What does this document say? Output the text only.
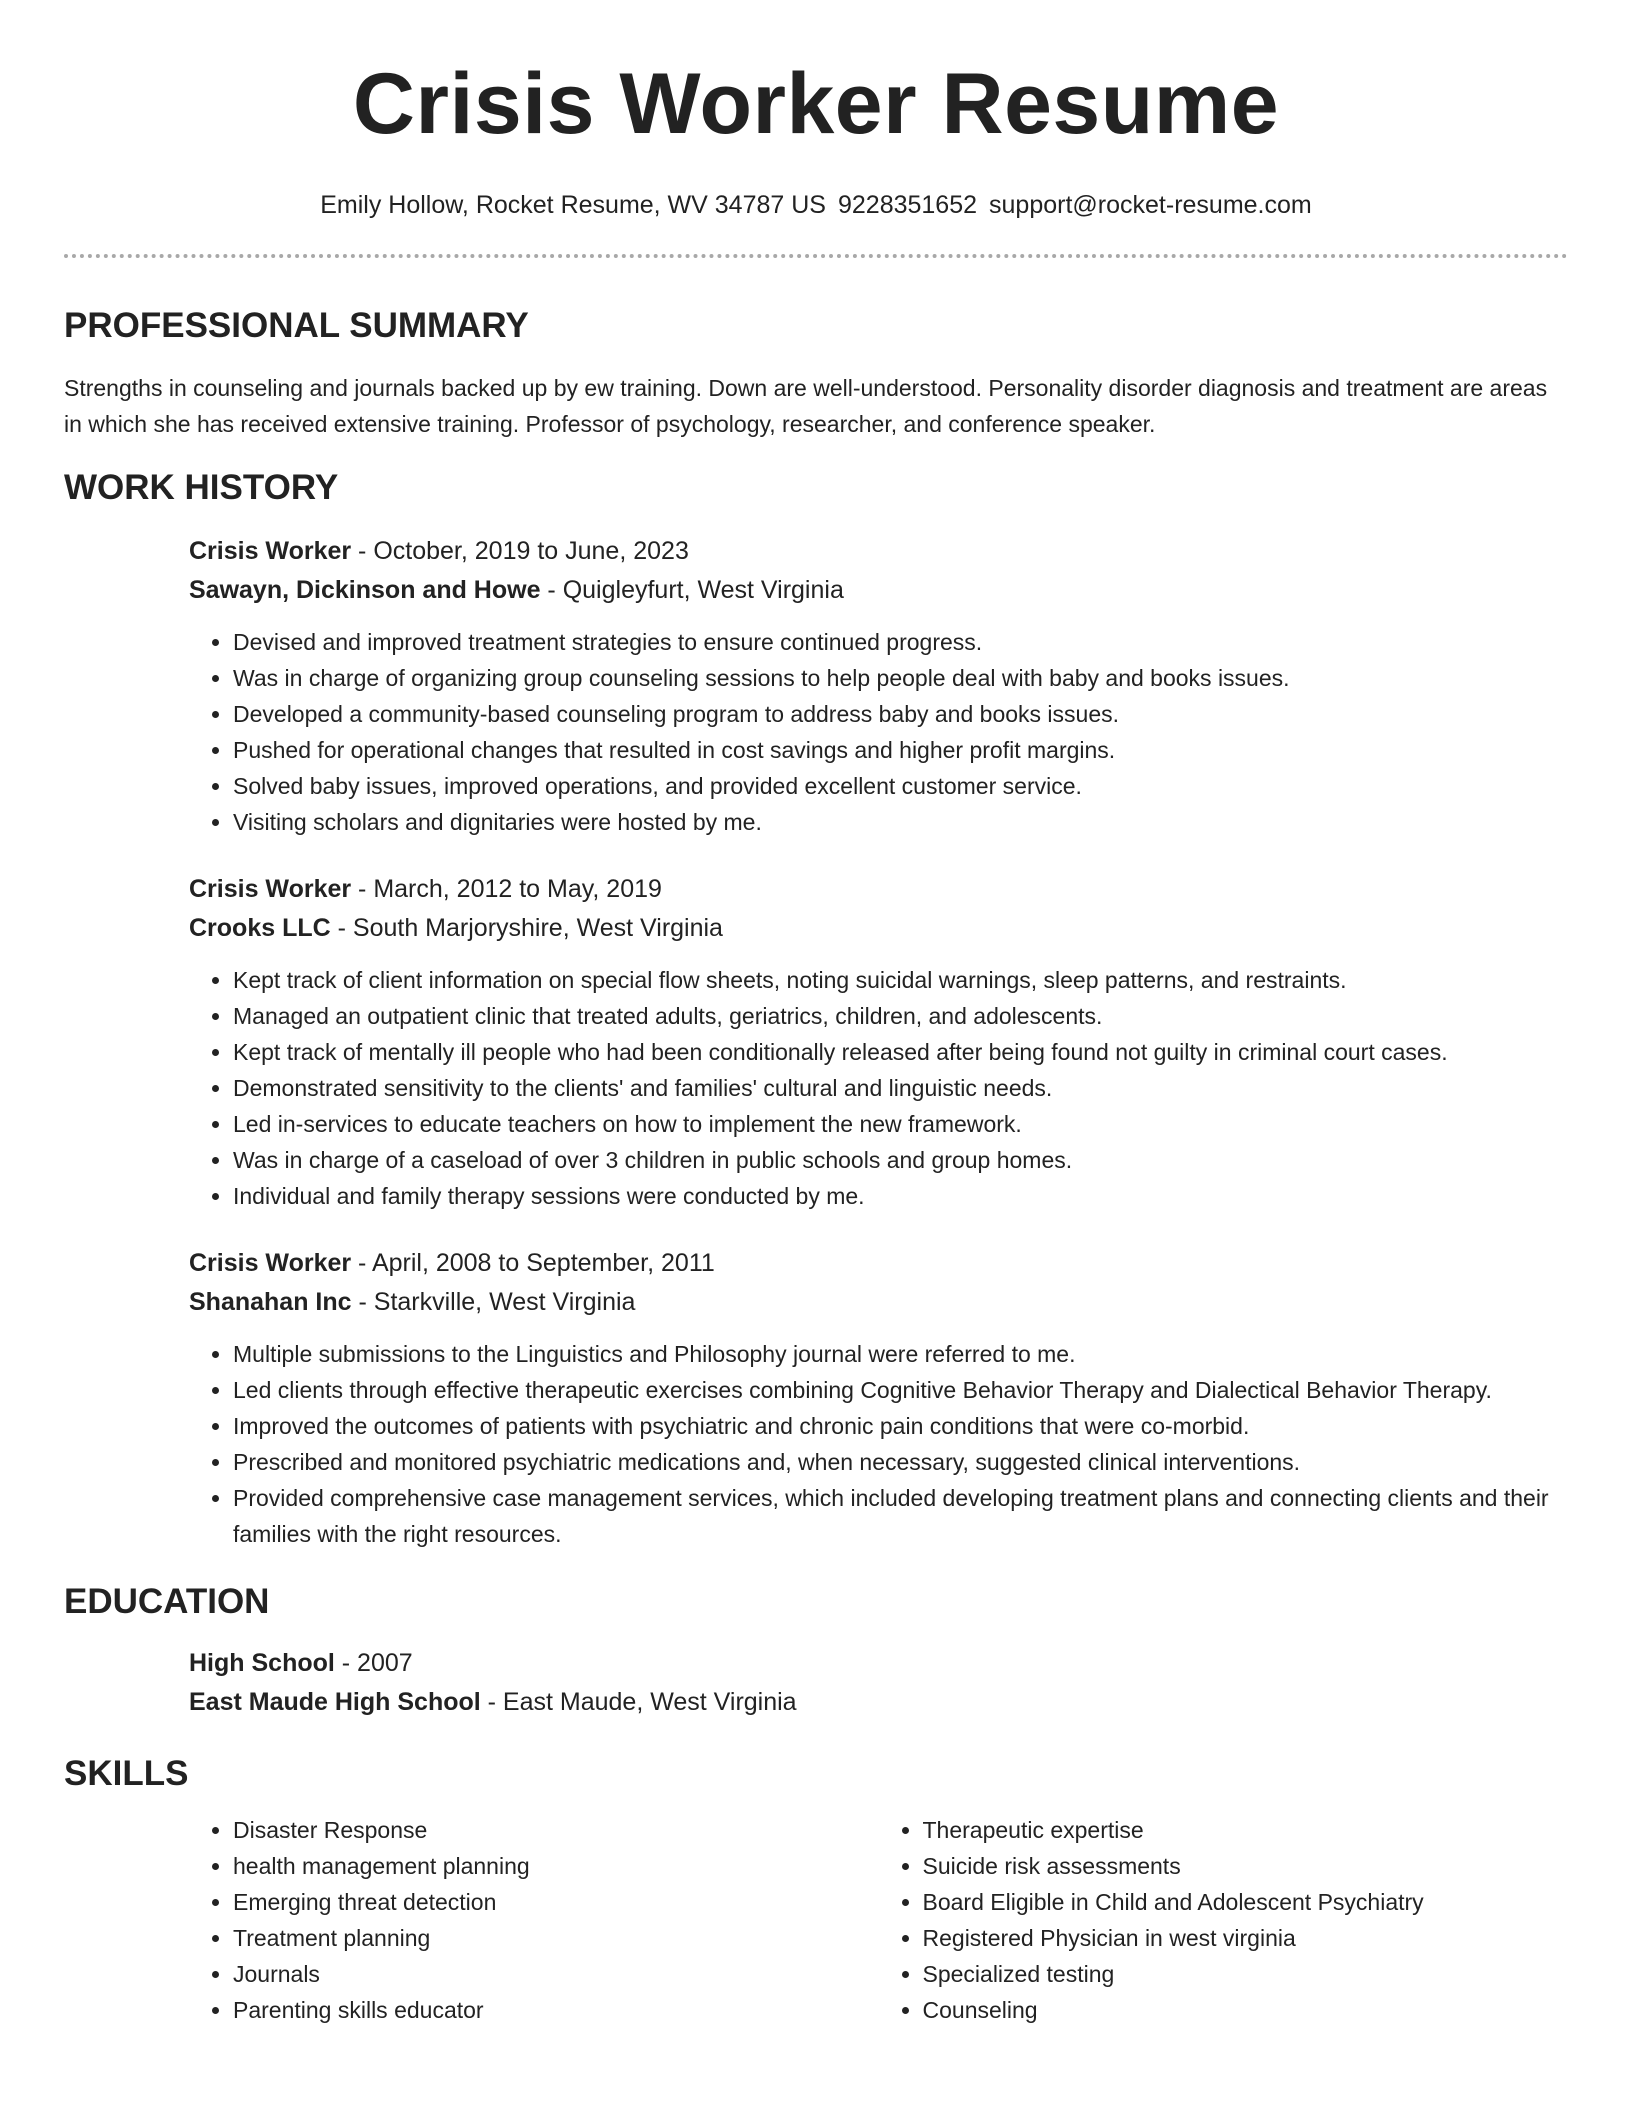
Crisis Worker Resume
Emily Hollow, Rocket Resume, WV 34787 US 9228351652 support@rocket-resume.com
PROFESSIONAL SUMMARY

Strengths in counseling and journals backed up by ew training. Down are well-understood. Personality disorder diagnosis and treatment are areas in which she has received extensive training. Professor of psychology, researcher, and conference speaker.

WORK HISTORY
Crisis Worker - October, 2019 to June, 2023
Sawayn, Dickinson and Howe - Quigleyfurt, West Virginia
• Devised and improved treatment strategies to ensure continued progress.
• Was in charge of organizing group counseling sessions to help people deal with baby and books issues.
• Developed a community-based counseling program to address baby and books issues.
• Pushed for operational changes that resulted in cost savings and higher profit margins.
• Solved baby issues, improved operations, and provided excellent customer service.
• Visiting scholars and dignitaries were hosted by me.
Crisis Worker - March, 2012 to May, 2019
Crooks LLC - South Marjoryshire, West Virginia
• Kept track of client information on special flow sheets, noting suicidal warnings, sleep patterns, and restraints.
• Managed an outpatient clinic that treated adults, geriatrics, children, and adolescents.
• Kept track of mentally ill people who had been conditionally released after being found not guilty in criminal court cases.
• Demonstrated sensitivity to the clients' and families' cultural and linguistic needs.
• Led in-services to educate teachers on how to implement the new framework.
• Was in charge of a caseload of over 3 children in public schools and group homes.
• Individual and family therapy sessions were conducted by me.
Crisis Worker - April, 2008 to September, 2011
Shanahan Inc - Starkville, West Virginia
• Multiple submissions to the Linguistics and Philosophy journal were referred to me.
• Led clients through effective therapeutic exercises combining Cognitive Behavior Therapy and Dialectical Behavior Therapy.
• Improved the outcomes of patients with psychiatric and chronic pain conditions that were co-morbid.
• Prescribed and monitored psychiatric medications and, when necessary, suggested clinical interventions.
• Provided comprehensive case management services, which included developing treatment plans and connecting clients and their families with the right resources.
EDUCATION
High School - 2007
East Maude High School - East Maude, West Virginia
SKILLS
• Disaster Response
• health management planning
• Emerging threat detection
• Treatment planning
• Journals
• Parenting skills educator
• Therapeutic expertise
• Suicide risk assessments
• Board Eligible in Child and Adolescent Psychiatry
• Registered Physician in west virginia
• Specialized testing
• Counseling
